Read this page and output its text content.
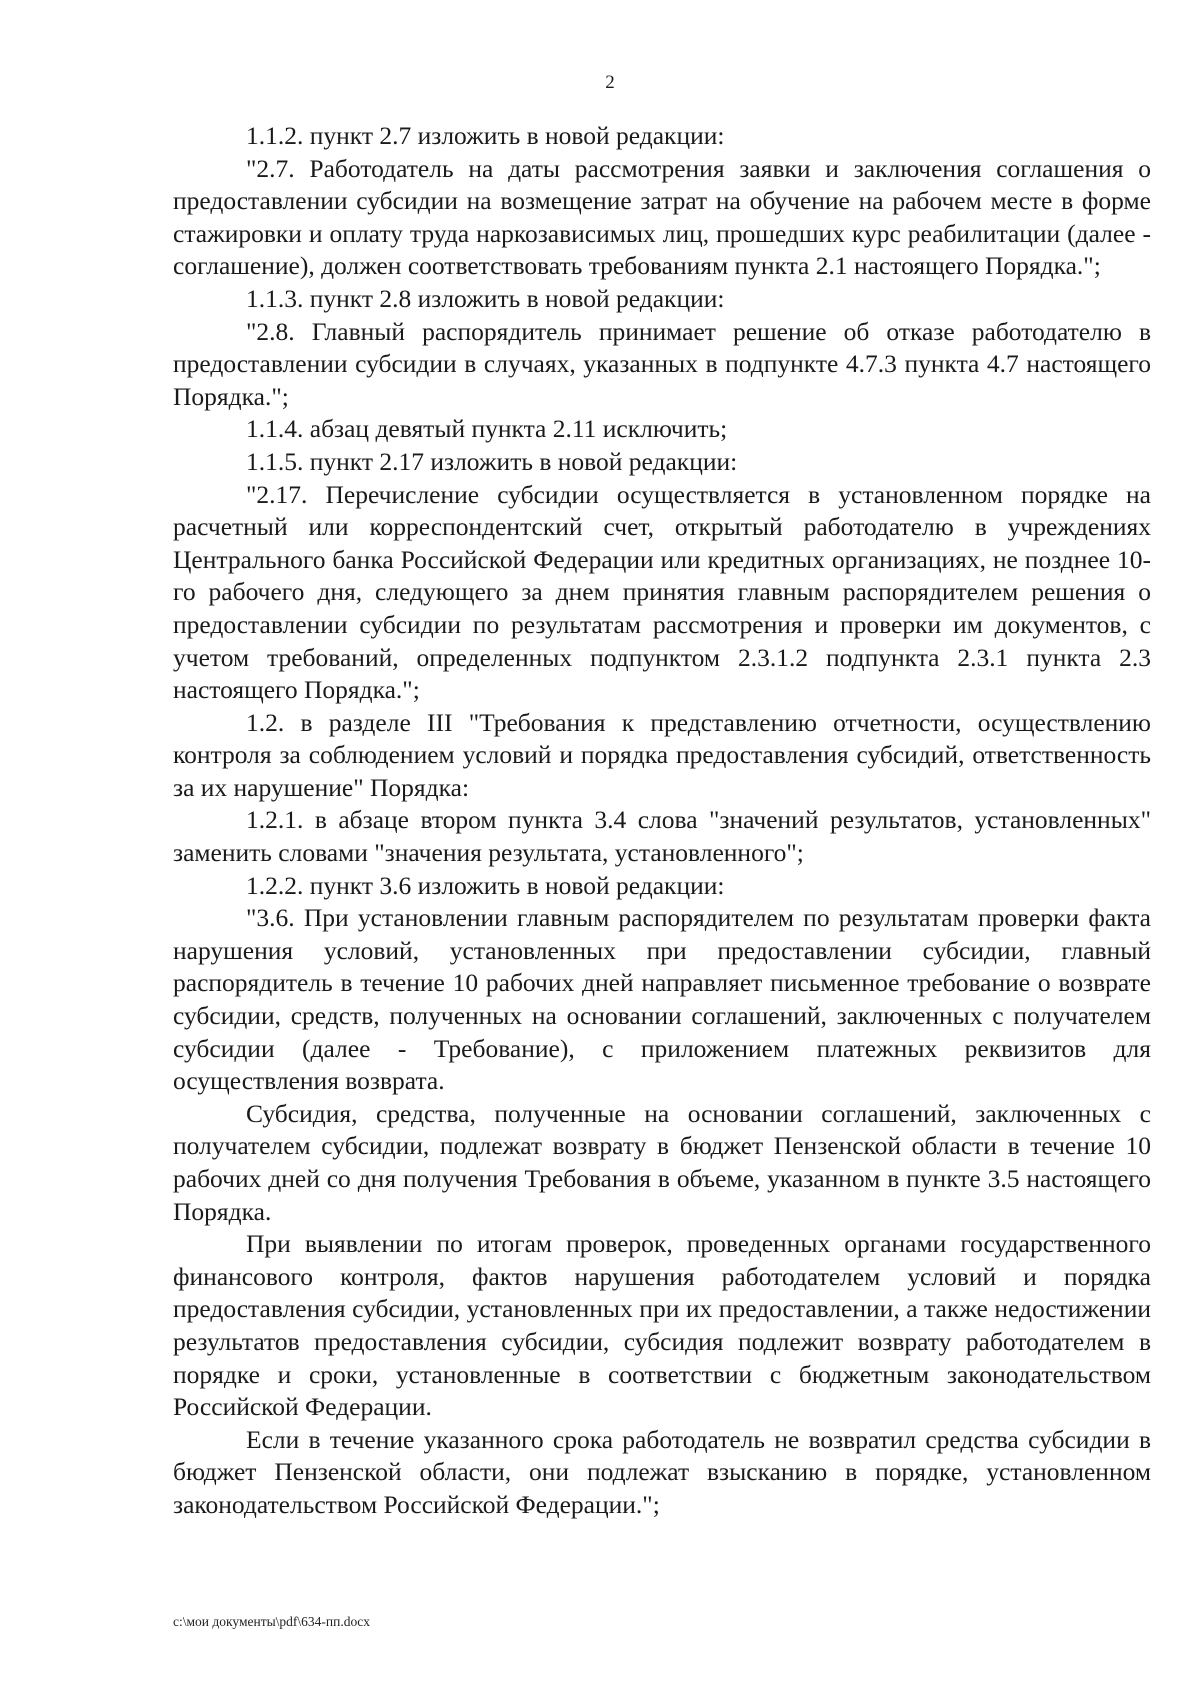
2

1.1.2. пункт 2.7 изложить в новой редакции:

"2.7. Работодатель на даты рассмотрения заявки и заключения соглашения о предоставлении субсидии на возмещение затрат на обучение на рабочем месте в форме стажировки и оплату труда наркозависимых лиц, прошедших курс реабилитации (далее - соглашение), должен соответствовать требованиям пункта 2.1 настоящего Порядка.";

1.1.3. пункт 2.8 изложить в новой редакции:

"2.8. Главный распорядитель принимает решение об отказе работодателю в предоставлении субсидии в случаях, указанных в подпункте 4.7.3 пункта 4.7 настоящего Порядка.";

1.1.4. абзац девятый пункта 2.11 исключить;

1.1.5. пункт 2.17 изложить в новой редакции:

"2.17. Перечисление субсидии осуществляется в установленном порядке на расчетный или корреспондентский счет, открытый работодателю в учреждениях Центрального банка Российской Федерации или кредитных организациях, не позднее 10-го рабочего дня, следующего за днем принятия главным распорядителем решения о предоставлении субсидии по результатам рассмотрения и проверки им документов, с учетом требований, определенных подпунктом 2.3.1.2 подпункта 2.3.1 пункта 2.3 настоящего Порядка.";

1.2. в разделе III "Требования к представлению отчетности, осуществлению контроля за соблюдением условий и порядка предоставления субсидий, ответственность за их нарушение" Порядка:

1.2.1. в абзаце втором пункта 3.4 слова "значений результатов, установленных" заменить словами "значения результата, установленного";

1.2.2. пункт 3.6 изложить в новой редакции:

"3.6. При установлении главным распорядителем по результатам проверки факта нарушения условий, установленных при предоставлении субсидии, главный распорядитель в течение 10 рабочих дней направляет письменное требование о возврате субсидии, средств, полученных на основании соглашений, заключенных с получателем субсидии (далее - Требование), с приложением платежных реквизитов для осуществления возврата.

Субсидия, средства, полученные на основании соглашений, заключенных с получателем субсидии, подлежат возврату в бюджет Пензенской области в течение 10 рабочих дней со дня получения Требования в объеме, указанном в пункте 3.5 настоящего Порядка.

При выявлении по итогам проверок, проведенных органами государственного финансового контроля, фактов нарушения работодателем условий и порядка предоставления субсидии, установленных при их предоставлении, а также недостижении результатов предоставления субсидии, субсидия подлежит возврату работодателем в порядке и сроки, установленные в соответствии с бюджетным законодательством Российской Федерации.

Если в течение указанного срока работодатель не возвратил средства субсидии в бюджет Пензенской области, они подлежат взысканию в порядке, установленном законодательством Российской Федерации.";

c:\мои документы\pdf\634-пп.docx
